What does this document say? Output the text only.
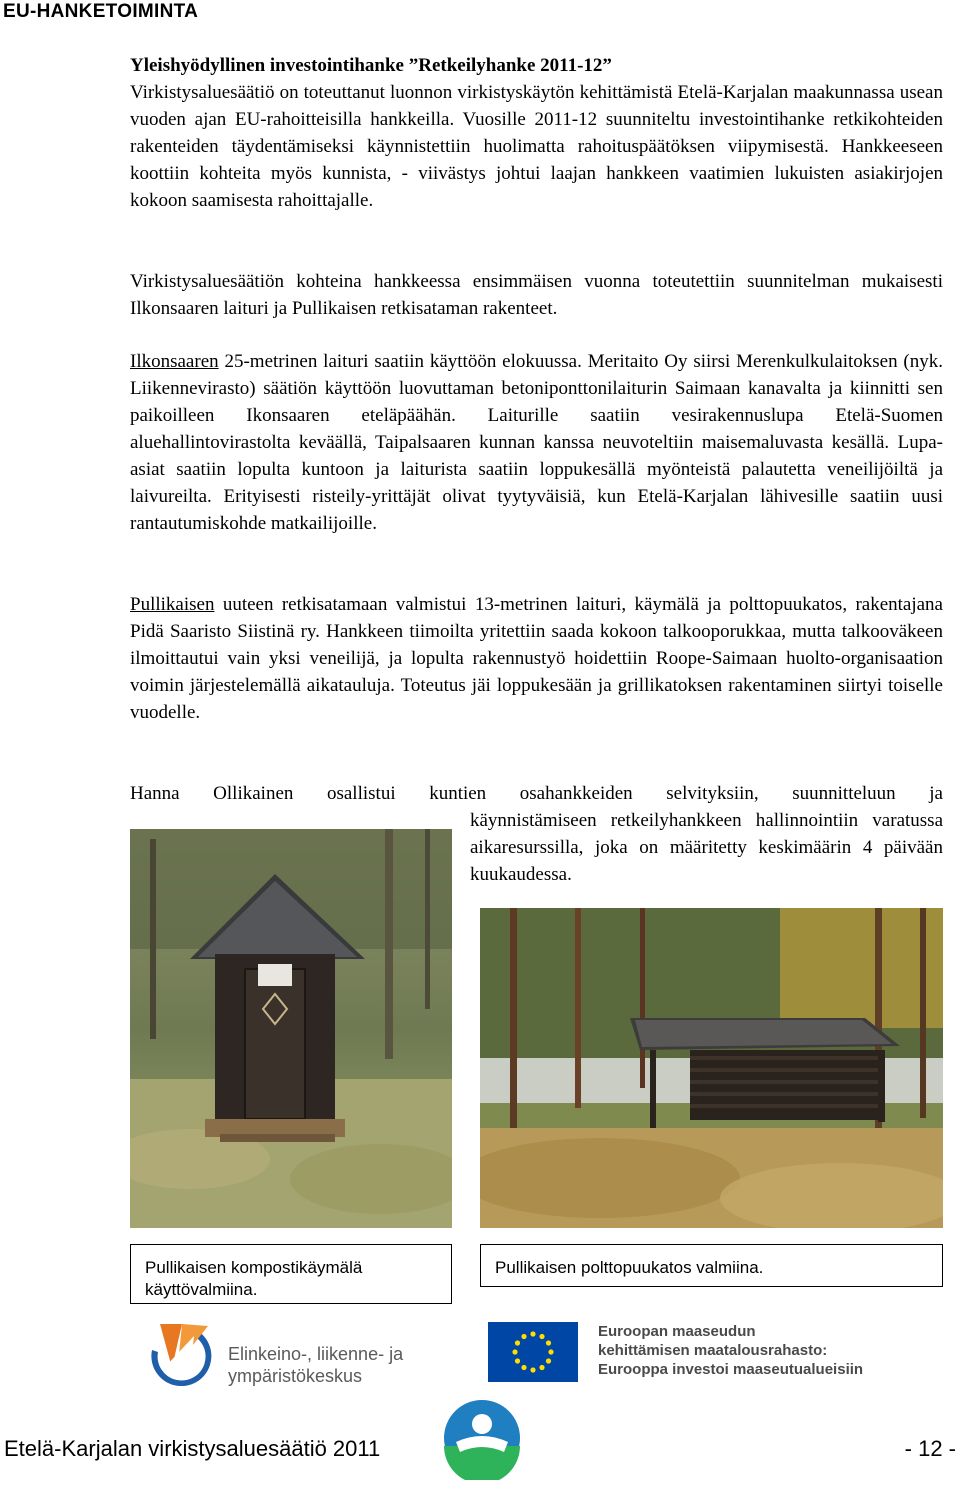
EU-HANKETOIMINTA
Yleishyödyllinen investointihanke ”Retkeilyhanke 2011-12”

Virkistysaluesäätiö on toteuttanut luonnon virkistyskäytön kehittämistä Etelä-Karjalan maakunnassa usean vuoden ajan EU-rahoitteisilla hankkeilla. Vuosille 2011-12 suunniteltu investointihanke retkikohteiden rakenteiden täydentämiseksi käynnistettiin huolimatta rahoituspäätöksen viipymisestä. Hankkeeseen koottiin kohteita myös kunnista, - viivästys johtui laajan hankkeen vaatimien lukuisten asiakirjojen kokoon saamisesta rahoittajalle.

Virkistysaluesäätiön kohteina hankkeessa ensimmäisen vuonna toteutettiin suunnitelman mukaisesti Ilkonsaaren laituri ja Pullikaisen retkisataman rakenteet.

Ilkonsaaren 25-metrinen laituri saatiin käyttöön elokuussa. Meritaito Oy siirsi Merenkulkulaitoksen (nyk. Liikennevirasto) säätiön käyttöön luovuttaman betoniponttonilaiturin Saimaan kanavalta ja kiinnitti sen paikoilleen Ikonsaaren eteläpäähän. Laiturille saatiin vesirakennuslupa Etelä-Suomen aluehallintovirastolta keväällä, Taipalsaaren kunnan kanssa neuvoteltiin maisemaluvasta kesällä. Lupa-asiat saatiin lopulta kuntoon ja laiturista saatiin loppukesällä myönteistä palautetta veneilijöiltä ja laivureilta. Erityisesti risteily-yrittäjät olivat tyytyväisiä, kun Etelä-Karjalan lähivesille saatiin uusi rantautumiskohde matkailijoille.

Pullikaisen uuteen retkisatamaan valmistui 13-metrinen laituri, käymälä ja polttopuukatos, rakentajana Pidä Saaristo Siistinä ry. Hankkeen tiimoilta yritettiin saada kokoon talkooporukkaa, mutta talkooväkeen ilmoittautui vain yksi veneilijä, ja lopulta rakennustyö hoidettiin Roope-Saimaan huolto-organisaation voimin järjestelemällä aikatauluja. Toteutus jäi loppukesään ja grillikatoksen rakentaminen siirtyi toiselle vuodelle.

Hanna Ollikainen osallistui kuntien osahankkeiden selvityksiin, suunnitteluun ja

käynnistämiseen retkeilyhankkeen hallinnointiin varatussa aikaresurssilla, joka on määritetty keskimäärin 4 päivään kuukaudessa.

Pullikaisen kompostikäymälä käyttövalmiina.
Pullikaisen polttopuukatos valmiina.
Elinkeino-, liikenne- ja
ympäristökeskus
Euroopan maaseudun
kehittämisen maatalousrahasto:
Eurooppa investoi maaseutualueisiin
Etelä-Karjalan virkistysaluesäätiö 2011	- 12 -
